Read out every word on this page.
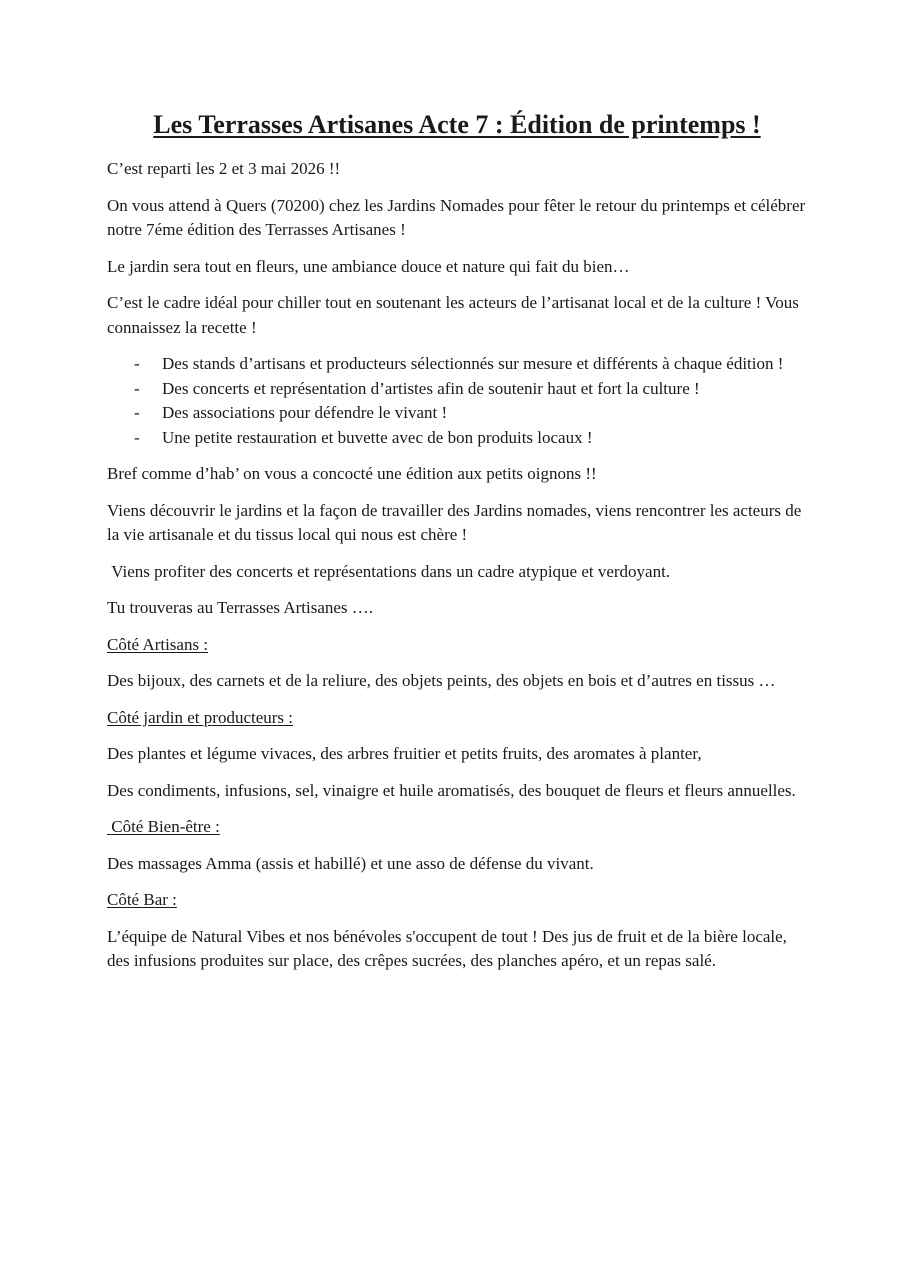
Les Terrasses Artisanes Acte 7 : Édition de printemps !

C’est reparti les 2 et 3 mai 2026 !!

On vous attend à Quers (70200) chez les Jardins Nomades pour fêter le retour du printemps et célébrer notre 7éme édition des Terrasses Artisanes !

Le jardin sera tout en fleurs, une ambiance douce et nature qui fait du bien…

C’est le cadre idéal pour chiller tout en soutenant les acteurs de l’artisanat local et de la culture ! Vous connaissez la recette !

- Des stands d’artisans et producteurs sélectionnés sur mesure et différents à chaque édition !
- Des concerts et représentation d’artistes afin de soutenir haut et fort la culture !
- Des associations pour défendre le vivant !
- Une petite restauration et buvette avec de bon produits locaux !

Bref comme d’hab’ on vous a concocté une édition aux petits oignons !!

Viens découvrir le jardins et la façon de travailler des Jardins nomades, viens rencontrer les acteurs de la vie artisanale et du tissus local qui nous est chère !

Viens profiter des concerts et représentations dans un cadre atypique et verdoyant.

Tu trouveras au Terrasses Artisanes ….

Côté Artisans :

Des bijoux, des carnets et de la reliure, des objets peints, des objets en bois et d’autres en tissus …

Côté jardin et producteurs :

Des plantes et légume vivaces, des arbres fruitier et petits fruits, des aromates à planter,

Des condiments, infusions, sel, vinaigre et huile aromatisés, des bouquet de fleurs et fleurs annuelles.

Côté Bien-être :

Des massages Amma (assis et habillé) et une asso de défense du vivant.

Côté Bar :

L’équipe de Natural Vibes et nos bénévoles s'occupent de tout ! Des jus de fruit et de la bière locale, des infusions produites sur place, des crêpes sucrées, des planches apéro, et un repas salé.
